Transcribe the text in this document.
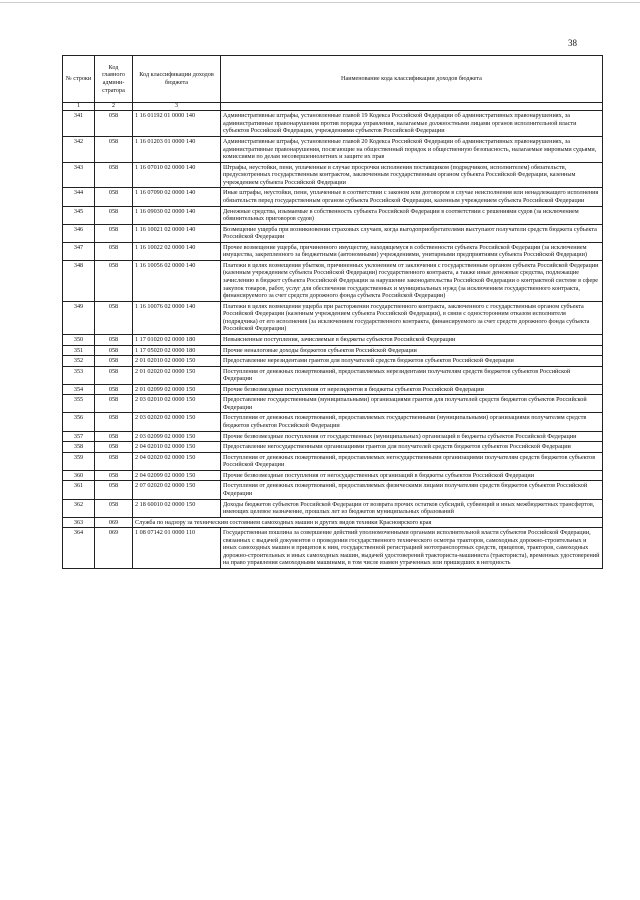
38
№ строки	Код главного админи-стратора	Код классификации доходов бюджета	Наименование кода классификации доходов бюджета
1	2	3	
341	058	1 16 01192 01 0000 140	Административные штрафы, установленные главой 19 Кодекса Российской Федерации об административных правонарушениях, за административные правонарушения против порядка управления, налагаемые должностными лицами органов исполнительной власти субъектов Российской Федерации, учреждениями субъектов Российской Федерации
342	058	1 16 01203 01 0000 140	Административные штрафы, установленные главой 20 Кодекса Российской Федерации об административных правонарушениях, за административные правонарушения, посягающие на общественный порядок и общественную безопасность, налагаемые мировыми судьями, комиссиями по делам несовершеннолетних и защите их прав
343	058	1 16 07010 02 0000 140	Штрафы, неустойки, пени, уплаченные в случае просрочки исполнения поставщиком (подрядчиком, исполнителем) обязательств, предусмотренных государственным контрактом, заключенным государственным органом субъекта Российской Федерации, казенным учреждением субъекта Российской Федерации
344	058	1 16 07090 02 0000 140	Иные штрафы, неустойки, пени, уплаченные в соответствии с законом или договором в случае неисполнения или ненадлежащего исполнения обязательств перед государственным органом субъекта Российской Федерации, казенным учреждением субъекта Российской Федерации
345	058	1 16 09030 02 0000 140	Денежные средства, изымаемые в собственность субъекта Российской Федерации в соответствии с решениями судов (за исключением обвинительных приговоров судов)
346	058	1 16 10021 02 0000 140	Возмещение ущерба при возникновении страховых случаев, когда выгодоприобретателями выступают получатели средств бюджета субъекта Российской Федерации
347	058	1 16 10022 02 0000 140	Прочее возмещение ущерба, причиненного имуществу, находящемуся в собственности субъекта Российской Федерации (за исключением имущества, закрепленного за бюджетными (автономными) учреждениями, унитарными предприятиями субъекта Российской Федерации)
348	058	1 16 10056 02 0000 140	Платежи в целях возмещения убытков, причиненных уклонением от заключения с государственным органом субъекта Российской Федерации (казенным учреждением субъекта Российской Федерации) государственного контракта, а также иные денежные средства, подлежащие зачислению в бюджет субъекта Российской Федерации за нарушение законодательства Российской Федерации о контрактной системе в сфере закупок товаров, работ, услуг для обеспечения государственных и муниципальных нужд (за исключением государственного контракта, финансируемого за счет средств дорожного фонда субъекта Российской Федерации)
349	058	1 16 10076 02 0000 140	Платежи в целях возмещения ущерба при расторжении государственного контракта, заключенного с государственным органом субъекта Российской Федерации (казенным учреждением субъекта Российской Федерации), в связи с односторонним отказом исполнителя (подрядчика) от его исполнения (за исключением государственного контракта, финансируемого за счет средств дорожного фонда субъекта Российской Федерации)
350	058	1 17 01020 02 0000 180	Невыясненные поступления, зачисляемые в бюджеты субъектов Российской Федерации
351	058	1 17 05020 02 0000 180	Прочие неналоговые доходы бюджетов субъектов Российской Федерации
352	058	2 01 02010 02 0000 150	Предоставление нерезидентами грантов для получателей средств бюджетов субъектов Российской Федерации
353	058	2 01 02020 02 0000 150	Поступления от денежных пожертвований, предоставляемых нерезидентами получателям средств бюджетов субъектов Российской Федерации
354	058	2 01 02099 02 0000 150	Прочие безвозмездные поступления от нерезидентов в бюджеты субъектов Российской Федерации
355	058	2 03 02010 02 0000 150	Предоставление государственными (муниципальными) организациями грантов для получателей средств бюджетов субъектов Российской Федерации
356	058	2 03 02020 02 0000 150	Поступления от денежных пожертвований, предоставляемых государственными (муниципальными) организациями получателям средств бюджетов субъектов Российской Федерации
357	058	2 03 02099 02 0000 150	Прочие безвозмездные поступления от государственных (муниципальных) организаций в бюджеты субъектов Российской Федерации
358	058	2 04 02010 02 0000 150	Предоставление негосударственными организациями грантов для получателей средств бюджетов субъектов Российской Федерации
359	058	2 04 02020 02 0000 150	Поступления от денежных пожертвований, предоставляемых негосударственными организациями получателям средств бюджетов субъектов Российской Федерации
360	058	2 04 02099 02 0000 150	Прочие безвозмездные поступления от негосударственных организаций в бюджеты субъектов Российской Федерации
361	058	2 07 02020 02 0000 150	Поступления от денежных пожертвований, предоставляемых физическими лицами получателям средств бюджетов субъектов Российской Федерации
362	058	2 18 60010 02 0000 150	Доходы бюджетов субъектов Российской Федерации от возврата прочих остатков субсидий, субвенций и иных межбюджетных трансфертов, имеющих целевое назначение, прошлых лет из бюджетов муниципальных образований
363	069	Служба по надзору за техническим состоянием самоходных машин и других видов техники Красноярского края	
364	069	1 08 07142 01 0000 110	Государственная пошлина за совершение действий уполномоченными органами исполнительной власти субъектов Российской Федерации, связанных с выдачей документов о проведении государственного технического осмотра тракторов, самоходных дорожно-строительных и иных самоходных машин и прицепов к ним, государственной регистрацией мототранспортных средств, прицепов, тракторов, самоходных дорожно-строительных и иных самоходных машин, выдачей удостоверений тракториста-машиниста (тракториста), временных удостоверений на право управления самоходными машинами, в том числе взамен утраченных или пришедших в негодность
